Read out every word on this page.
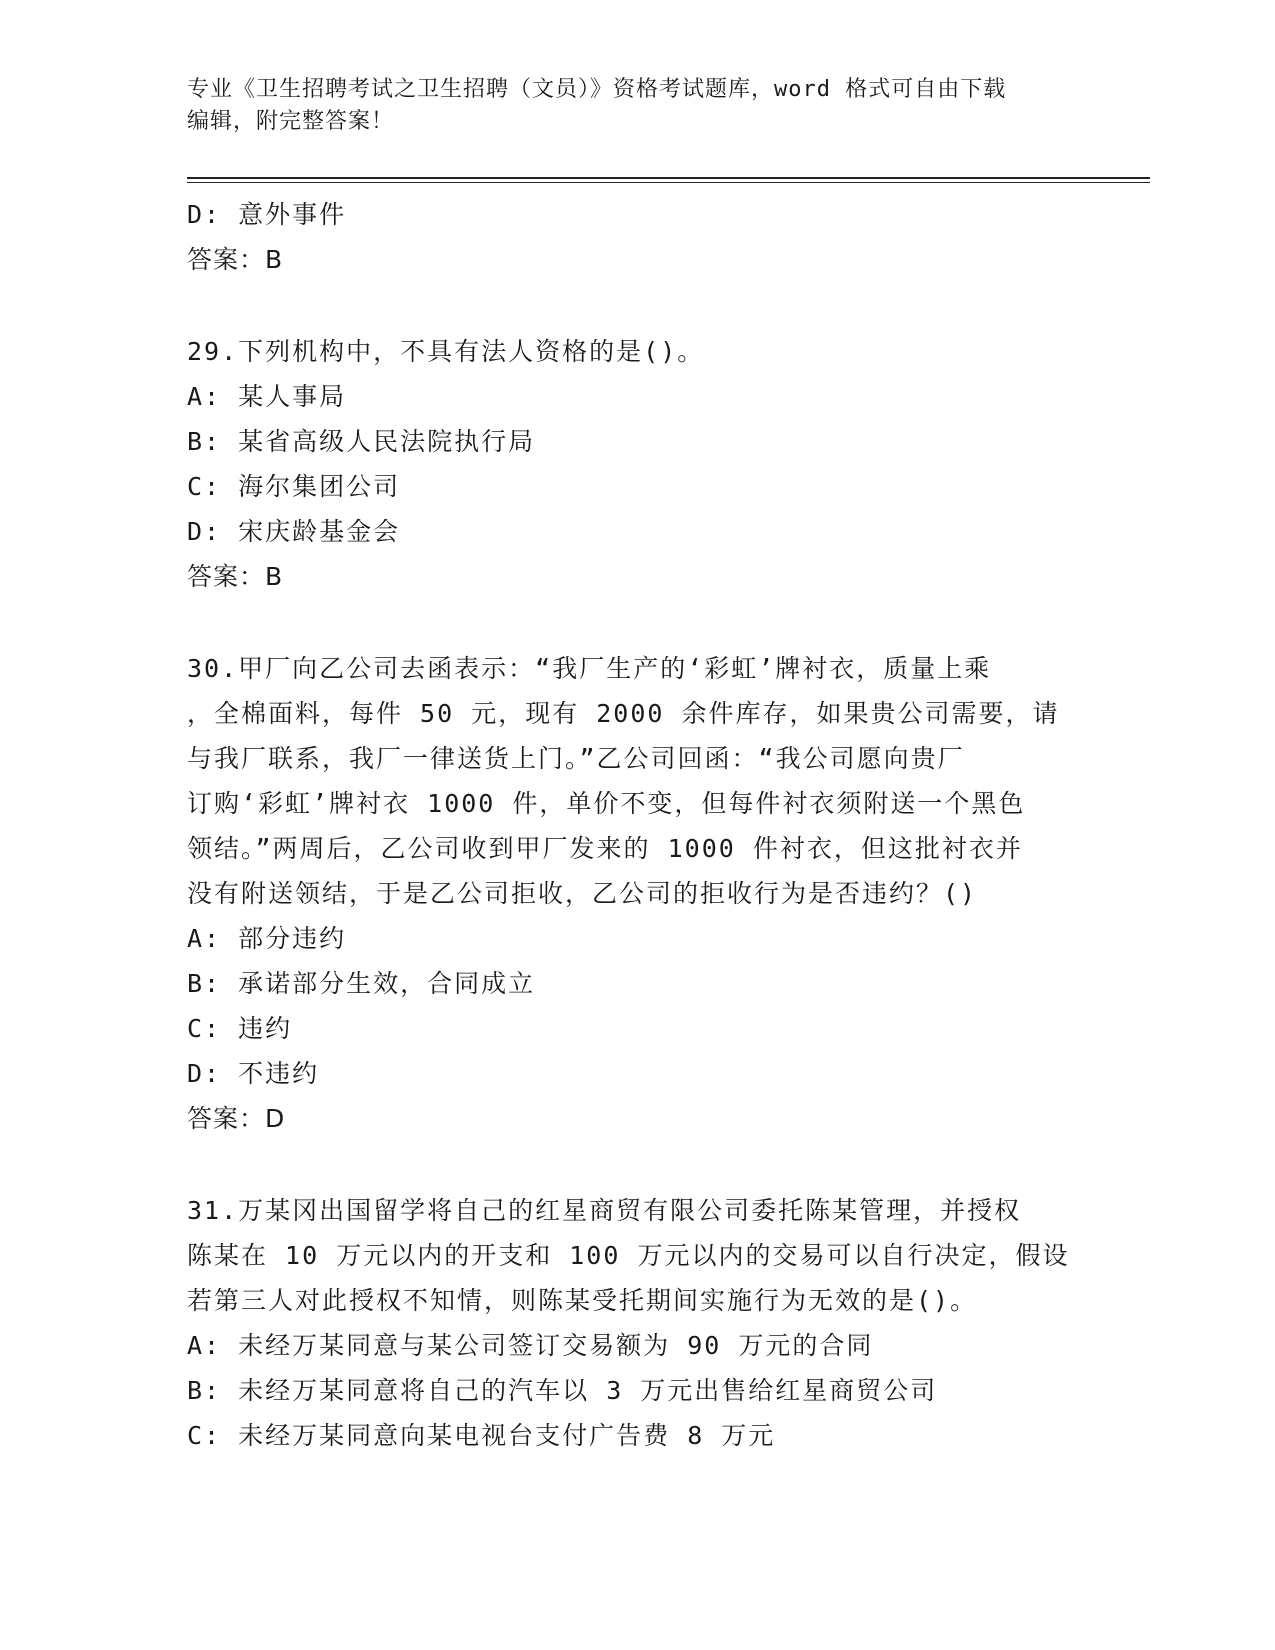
专业《卫生招聘考试之卫生招聘（文员）》资格考试题库，word 格式可自由下载
编辑，附完整答案！
D: 意外事件
答案：B
29.下列机构中，不具有法人资格的是()。
A: 某人事局
B: 某省高级人民法院执行局
C: 海尔集团公司
D: 宋庆龄基金会
答案：B
30.甲厂向乙公司去函表示：“我厂生产的‘彩虹’牌衬衣，质量上乘
，全棉面料，每件 50 元，现有 2000 余件库存，如果贵公司需要，请
与我厂联系，我厂一律送货上门。”乙公司回函：“我公司愿向贵厂
订购‘彩虹’牌衬衣 1000 件，单价不变，但每件衬衣须附送一个黑色
领结。”两周后，乙公司收到甲厂发来的 1000 件衬衣，但这批衬衣并
没有附送领结，于是乙公司拒收，乙公司的拒收行为是否违约？()
A: 部分违约
B: 承诺部分生效，合同成立
C: 违约
D: 不违约
答案：D
31.万某冈出国留学将自己的红星商贸有限公司委托陈某管理，并授权
陈某在 10 万元以内的开支和 100 万元以内的交易可以自行决定，假设
若第三人对此授权不知情，则陈某受托期间实施行为无效的是()。
A: 未经万某同意与某公司签订交易额为 90 万元的合同
B: 未经万某同意将自己的汽车以 3 万元出售给红星商贸公司
C: 未经万某同意向某电视台支付广告费 8 万元
